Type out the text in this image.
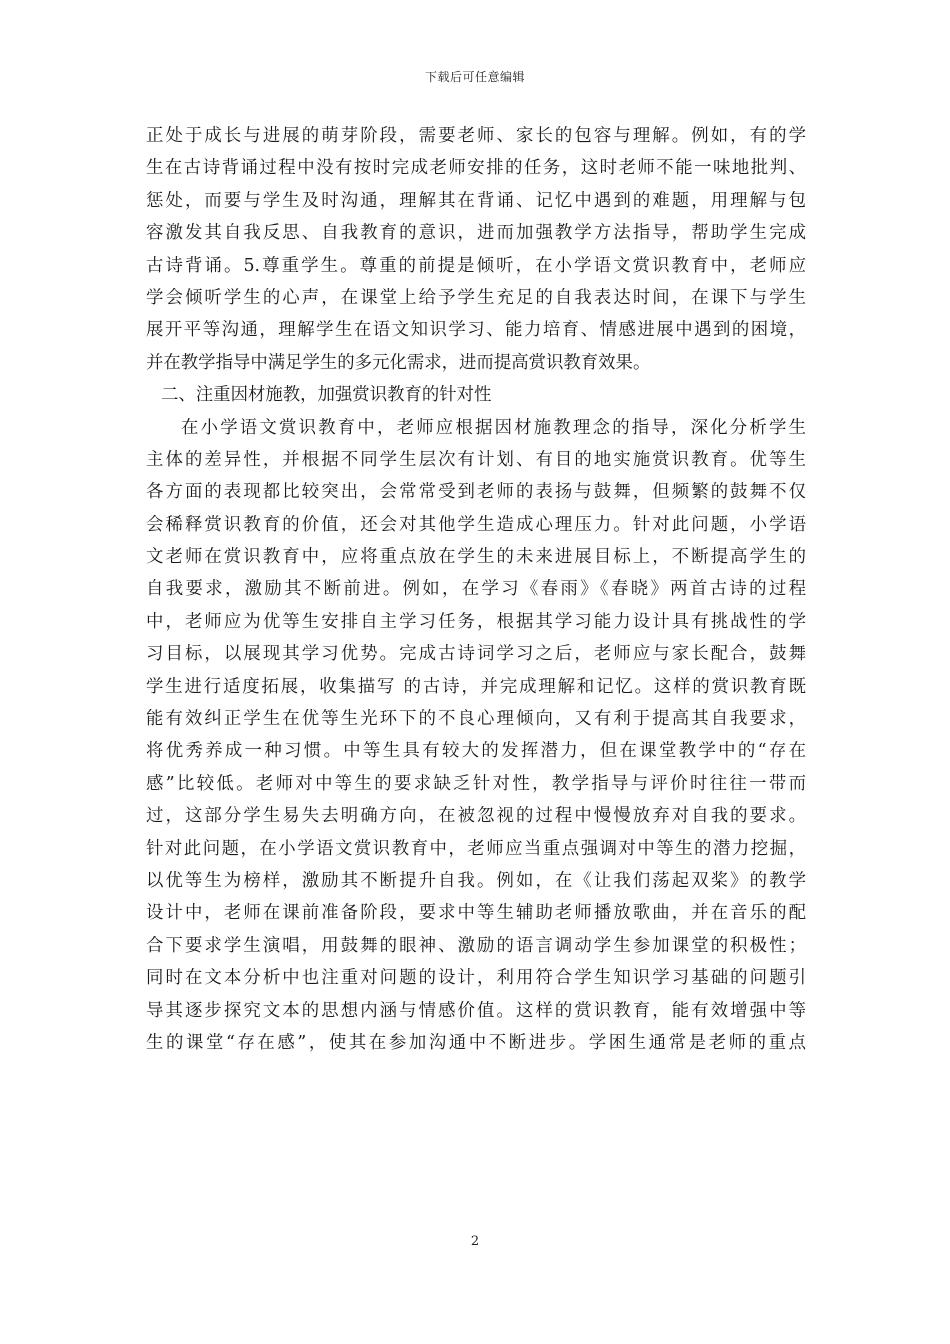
下载后可任意编辑
正处于成长与进展的萌芽阶段，需要老师、家长的包容与理解。例如，有的学
生在古诗背诵过程中没有按时完成老师安排的任务，这时老师不能一味地批判、
惩处，而要与学生及时沟通，理解其在背诵、记忆中遇到的难题，用理解与包
容激发其自我反思、自我教育的意识，进而加强教学方法指导，帮助学生完成
古诗背诵。5.尊重学生。尊重的前提是倾听，在小学语文赏识教育中，老师应
学会倾听学生的心声，在课堂上给予学生充足的自我表达时间，在课下与学生
展开平等沟通，理解学生在语文知识学习、能力培育、情感进展中遇到的困境，
并在教学指导中满足学生的多元化需求，进而提高赏识教育效果。
二、注重因材施教，加强赏识教育的针对性
在小学语文赏识教育中，老师应根据因材施教理念的指导，深化分析学生
主体的差异性，并根据不同学生层次有计划、有目的地实施赏识教育。优等生
各方面的表现都比较突出，会常常受到老师的表扬与鼓舞，但频繁的鼓舞不仅
会稀释赏识教育的价值，还会对其他学生造成心理压力。针对此问题，小学语
文老师在赏识教育中，应将重点放在学生的未来进展目标上，不断提高学生的
自我要求，激励其不断前进。例如，在学习《春雨》《春晓》两首古诗的过程
中，老师应为优等生安排自主学习任务，根据其学习能力设计具有挑战性的学
习目标，以展现其学习优势。完成古诗词学习之后，老师应与家长配合，鼓舞
学生进行适度拓展，收集描写 的古诗，并完成理解和记忆。这样的赏识教育既
能有效纠正学生在优等生光环下的不良心理倾向，又有利于提高其自我要求，
将优秀养成一种习惯。中等生具有较大的发挥潜力，但在课堂教学中的“存在
感”比较低。老师对中等生的要求缺乏针对性，教学指导与评价时往往一带而
过，这部分学生易失去明确方向，在被忽视的过程中慢慢放弃对自我的要求。
针对此问题，在小学语文赏识教育中，老师应当重点强调对中等生的潜力挖掘，
以优等生为榜样，激励其不断提升自我。例如，在《让我们荡起双桨》的教学
设计中，老师在课前准备阶段，要求中等生辅助老师播放歌曲，并在音乐的配
合下要求学生演唱，用鼓舞的眼神、激励的语言调动学生参加课堂的积极性；
同时在文本分析中也注重对问题的设计，利用符合学生知识学习基础的问题引
导其逐步探究文本的思想内涵与情感价值。这样的赏识教育，能有效增强中等
生的课堂“存在感”，使其在参加沟通中不断进步。学困生通常是老师的重点
2
